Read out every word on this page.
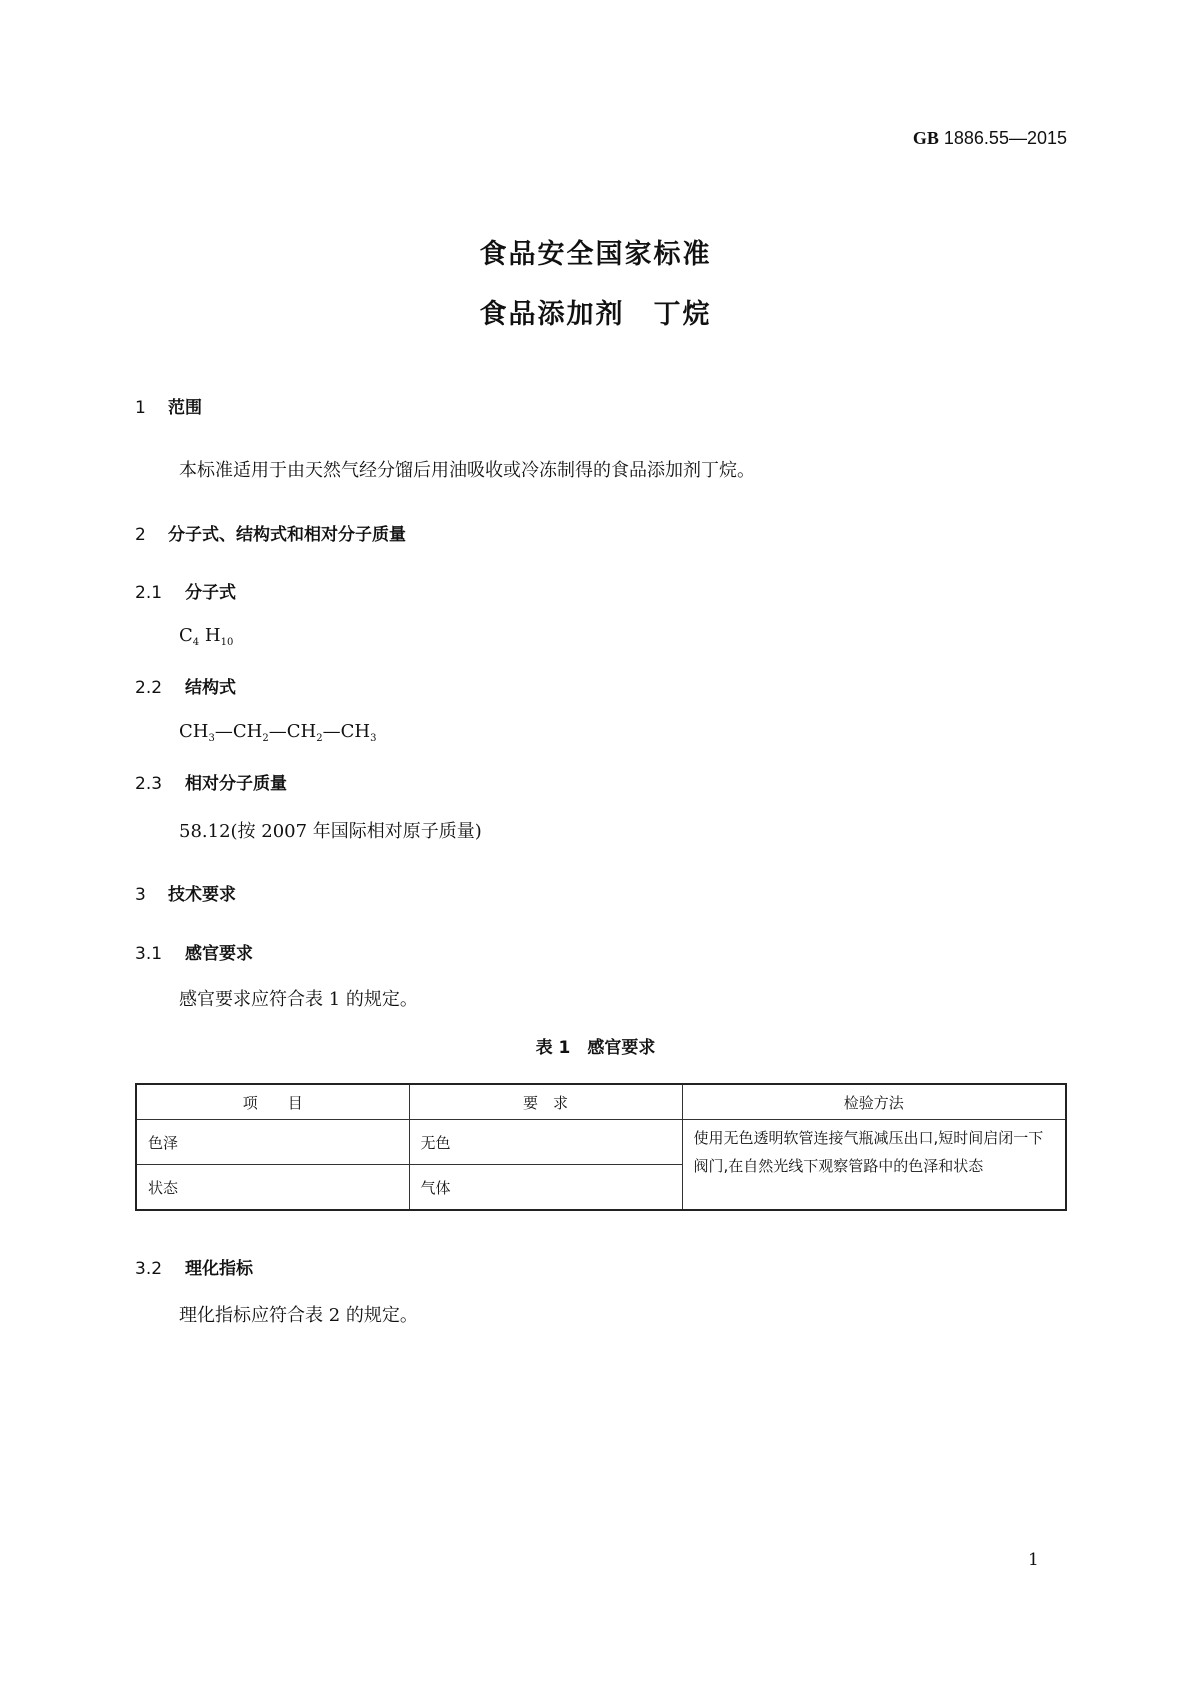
GB 1886.55—2015
食品安全国家标准
食品添加剂　丁烷
1 范围
本标准适用于由天然气经分馏后用油吸收或冷冻制得的食品添加剂丁烷。
2 分子式、结构式和相对分子质量
2.1 分子式
$C_4$ $H_{10}$
2.2 结构式
$CH_3—CH_2—CH_2—CH_3$
2.3 相对分子质量
58.12(按 2007 年国际相对原子质量)
3 技术要求
3.1 感官要求
感官要求应符合表 1 的规定。
表 1　感官要求
项　　目	要　求	检验方法
色泽	无色	使用无色透明软管连接气瓶减压出口,短时间启闭一下阀门,在自然光线下观察管路中的色泽和状态
状态	气体	
3.2 理化指标
理化指标应符合表 2 的规定。
1
